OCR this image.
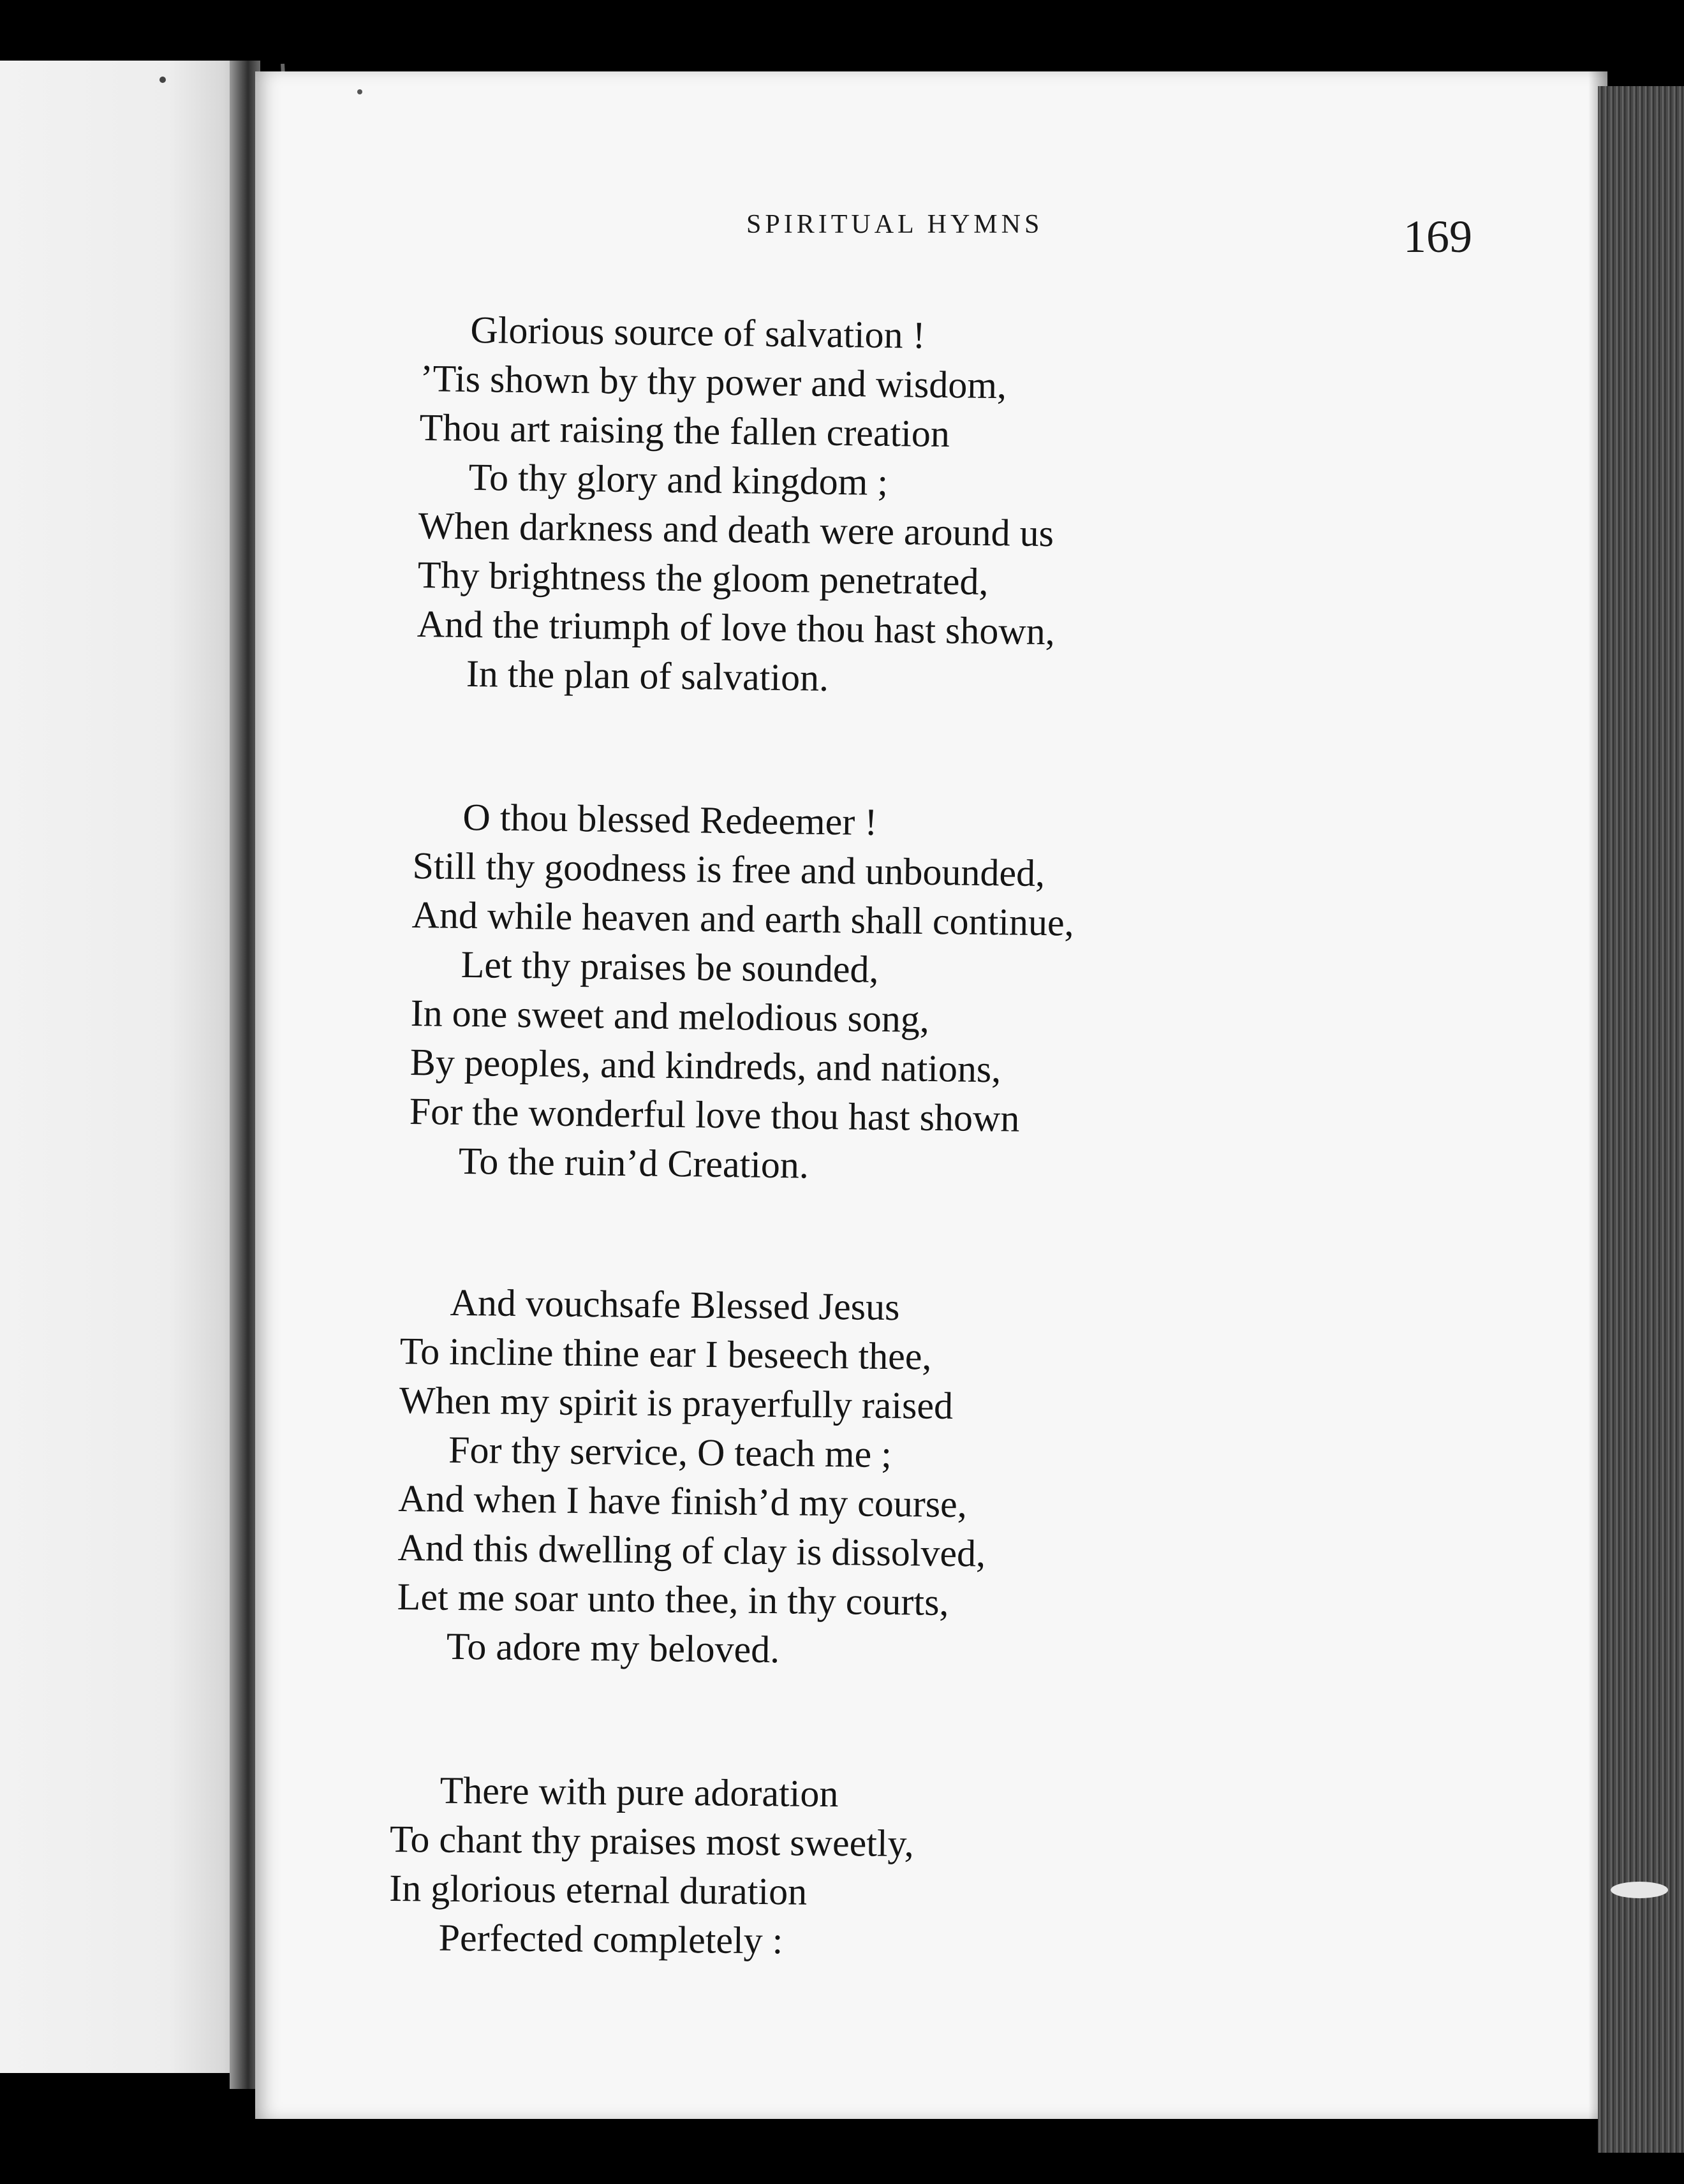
SPIRITUAL HYMNS	169
Glorious source of salvation !
’Tis shown by thy power and wisdom,
Thou art raising the fallen creation
To thy glory and kingdom ;
When darkness and death were around us
Thy brightness the gloom penetrated,
And the triumph of love thou hast shown,
In the plan of salvation.
O thou blessed Redeemer !
Still thy goodness is free and unbounded,
And while heaven and earth shall continue,
Let thy praises be sounded,
In one sweet and melodious song,
By peoples, and kindreds, and nations,
For the wonderful love thou hast shown
To the ruin’d Creation.
And vouchsafe Blessed Jesus
To incline thine ear I beseech thee,
When my spirit is prayerfully raised
For thy service, O teach me ;
And when I have finish’d my course,
And this dwelling of clay is dissolved,
Let me soar unto thee, in thy courts,
To adore my beloved.
There with pure adoration
To chant thy praises most sweetly,
In glorious eternal duration
Perfected completely :
